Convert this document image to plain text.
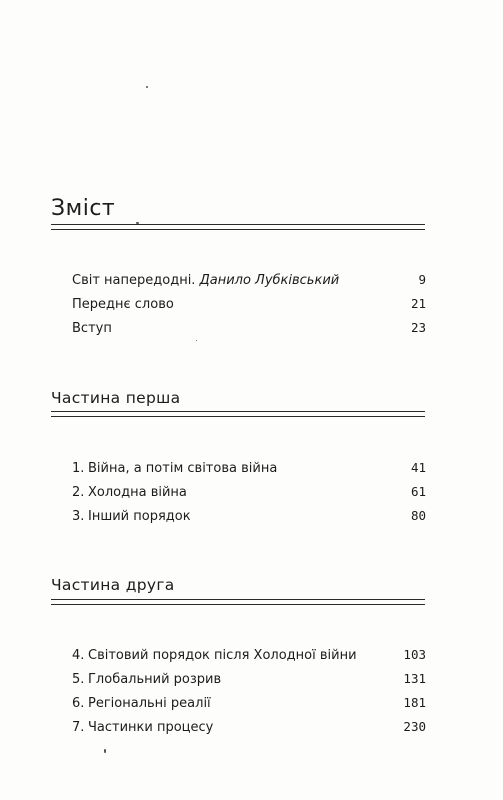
Зміст
Світ напередодні. Данило Лубківський	9
Переднє слово	21
Вступ	23
Частина перша
1. Війна, а потім світова війна	41
2. Холодна війна	61
3. Інший порядок	80
Частина друга
4. Світовий порядок після Холодної війни	103
5. Глобальний розрив	131
6. Регіональні реалії	181
7. Частинки процесу	230
